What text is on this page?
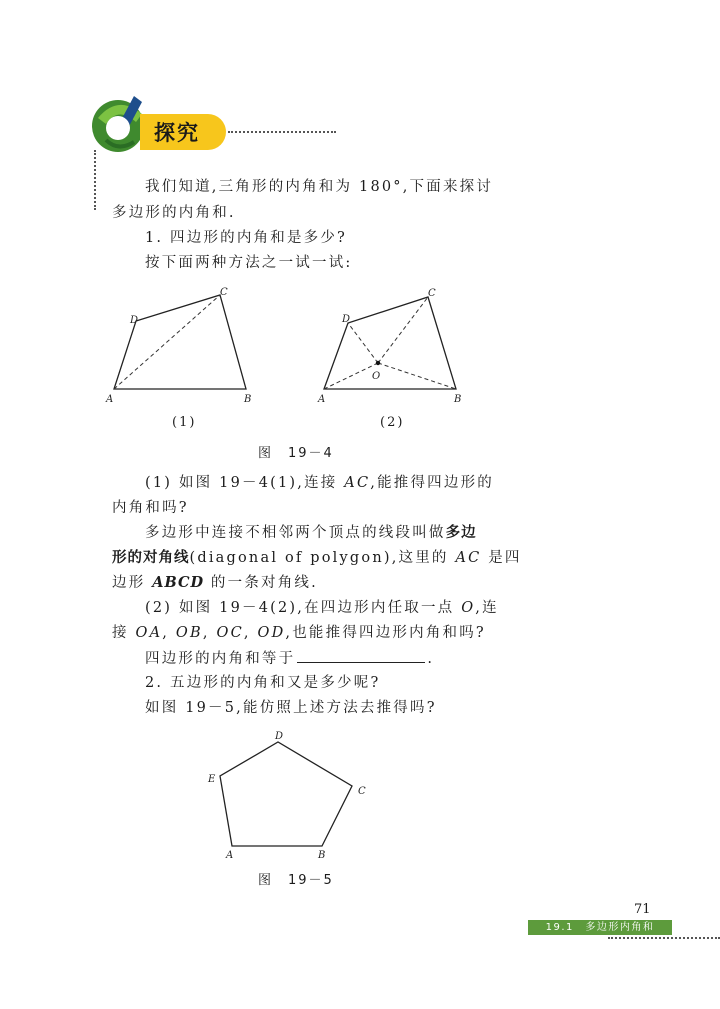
探究
我们知道,三角形的内角和为 180°,下面来探讨
多边形的内角和.
1. 四边形的内角和是多少?
按下面两种方法之一试一试:
A	B
C
D
A	B
C
D
O
(1)	(2)
图　19－4
(1) 如图 19－4(1),连接 AC,能推得四边形的
内角和吗?
多边形中连接不相邻两个顶点的线段叫做多边
形的对角线(diagonal of polygon),这里的 AC 是四
边形 ABCD 的一条对角线.
(2) 如图 19－4(2),在四边形内任取一点 O,连
接 OA, OB, OC, OD,也能推得四边形内角和吗?
四边形的内角和等于	.
2. 五边形的内角和又是多少呢?
如图 19－5,能仿照上述方法去推得吗?
A	B
C
D
E
图　19－5
71
19.1　多边形内角和
